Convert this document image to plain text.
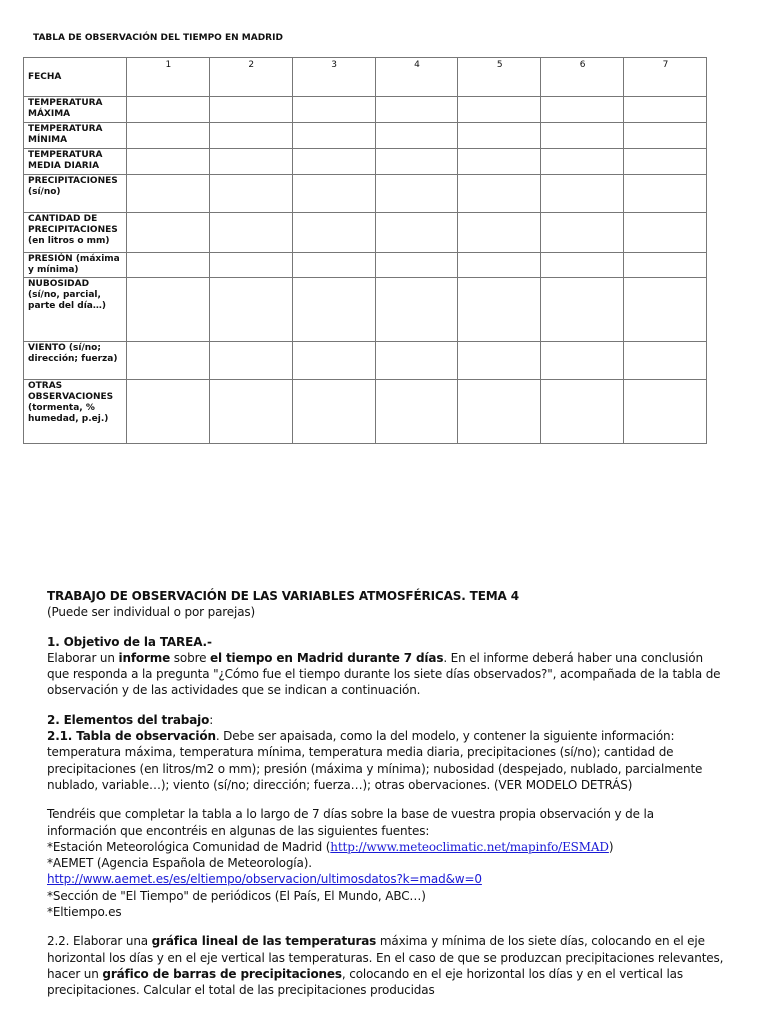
TABLA DE OBSERVACIÓN DEL TIEMPO EN MADRID
FECHA	1	2	3	4	5	6	7
TEMPERATURA MÁXIMA							
TEMPERATURA MÍNIMA							
TEMPERATURA MEDIA DIARIA							
PRECIPITACIONES (sí/no)							
CANTIDAD DE PRECIPITACIONES (en litros o mm)							
PRESIÓN (máxima y mínima)							
NUBOSIDAD (sí/no, parcial, parte del día…)							
VIENTO (sí/no; dirección; fuerza)							
OTRAS OBSERVACIONES (tormenta, % humedad, p.ej.)							

TRABAJO DE OBSERVACIÓN DE LAS VARIABLES ATMOSFÉRICAS. TEMA 4

(Puede ser individual o por parejas)

1. Objetivo de la TAREA.-

Elaborar un informe sobre el tiempo en Madrid durante 7 días. En el informe deberá haber una conclusión que responda a la pregunta "¿Cómo fue el tiempo durante los siete días observados?", acompañada de la tabla de observación y de las actividades que se indican a continuación.

2. Elementos del trabajo:

2.1. Tabla de observación. Debe ser apaisada, como la del modelo, y contener la siguiente información: temperatura máxima, temperatura mínima, temperatura media diaria, precipitaciones (sí/no); cantidad de precipitaciones (en litros/m2 o mm); presión (máxima y mínima); nubosidad (despejado, nublado, parcialmente nublado, variable…); viento (sí/no; dirección; fuerza…); otras obervaciones. (VER MODELO DETRÁS)

Tendréis que completar la tabla a lo largo de 7 días sobre la base de vuestra propia observación y de la información que encontréis en algunas de las siguientes fuentes:

*Estación Meteorológica Comunidad de Madrid (http://www.meteoclimatic.net/mapinfo/ESMAD)

*AEMET (Agencia Española de Meteorología).

http://www.aemet.es/es/eltiempo/observacion/ultimosdatos?k=mad&w=0

*Sección de "El Tiempo" de periódicos (El País, El Mundo, ABC…)

*Eltiempo.es

2.2. Elaborar una gráfica lineal de las temperaturas máxima y mínima de los siete días, colocando en el eje horizontal los días y en el eje vertical las temperaturas. En el caso de que se produzcan precipitaciones relevantes, hacer un gráfico de barras de precipitaciones, colocando en el eje horizontal los días y en el vertical las precipitaciones. Calcular el total de las precipitaciones producidas
